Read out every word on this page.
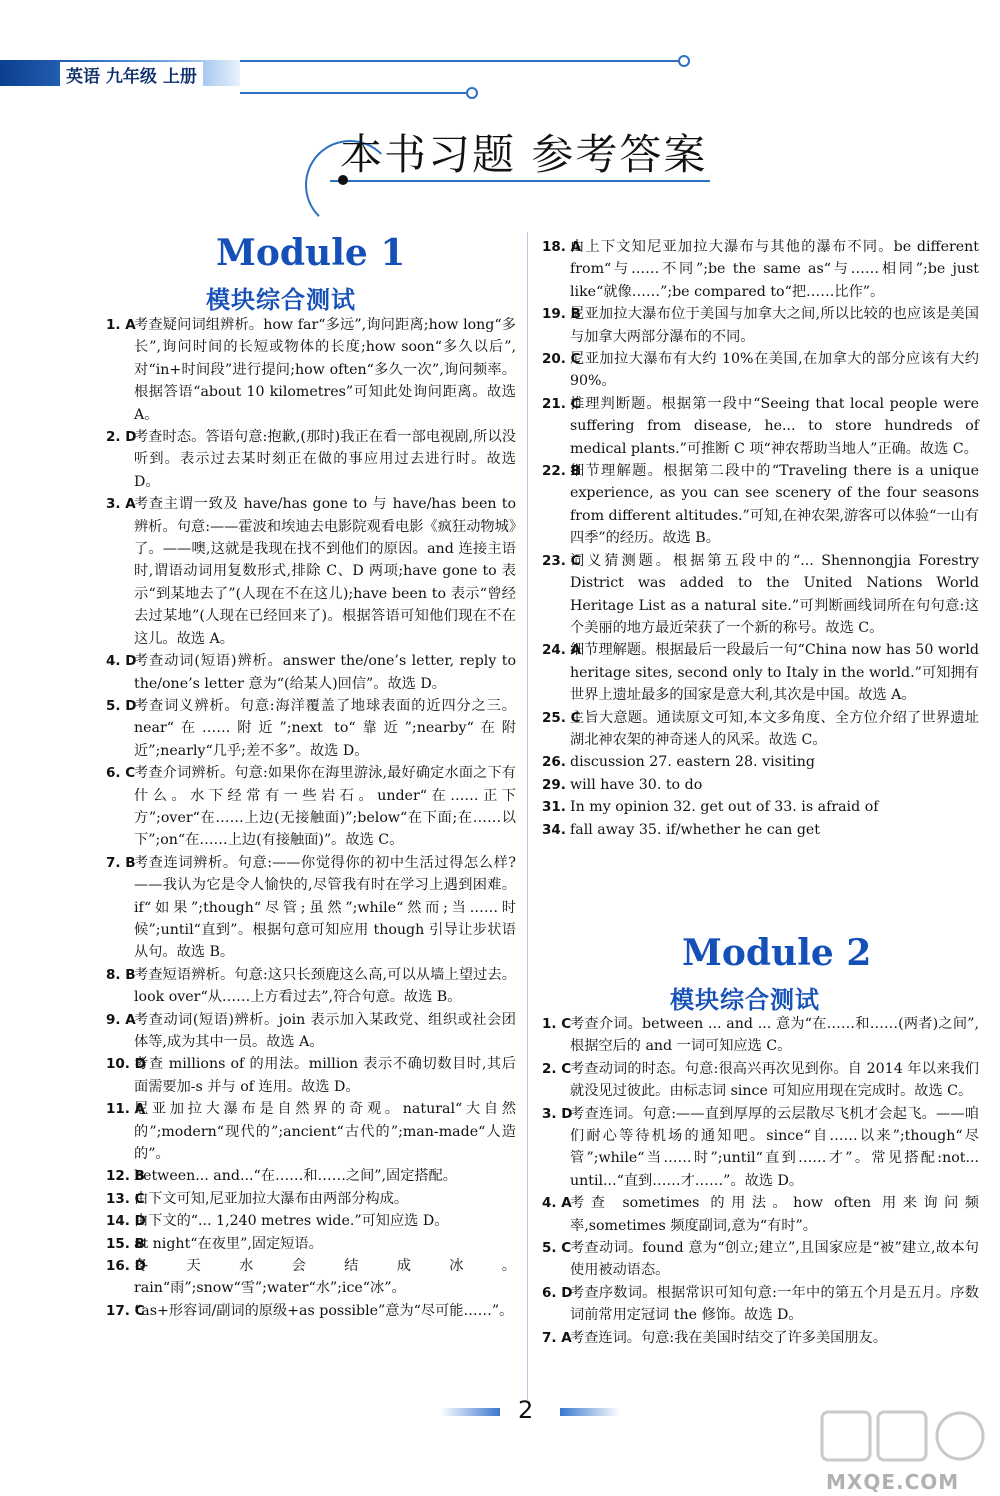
英语 九年级 上册
本书习题 参考答案
Module 1
模块综合测试

1. A
考查疑问词组辨析。how far“多远”,询问距离;how long“多长”,询问时间的长短或物体的长度;how soon“多久以后”,对“in+时间段”进行提问;how often“多久一次”,询问频率。根据答语“about 10 kilometres”可知此处询问距离。故选 A。

2. D
考查时态。答语句意:抱歉,(那时)我正在看一部电视剧,所以没听到。表示过去某时刻正在做的事应用过去进行时。故选 D。

3. A
考查主谓一致及 have/has gone to 与 have/has been to 辨析。句意:——霍波和埃迪去电影院观看电影《疯狂动物城》了。——噢,这就是我现在找不到他们的原因。and 连接主语时,谓语动词用复数形式,排除 C、D 两项;have gone to 表示“到某地去了”(人现在不在这儿);have been to 表示“曾经去过某地”(人现在已经回来了)。根据答语可知他们现在不在这儿。故选 A。

4. D
考查动词(短语)辨析。answer the/one’s letter, reply to the/one’s letter 意为“(给某人)回信”。故选 D。

5. D
考查词义辨析。句意:海洋覆盖了地球表面的近四分之三。near“在……附近”;next to“靠近”;nearby“在附近”;nearly“几乎;差不多”。故选 D。

6. C
考查介词辨析。句意:如果你在海里游泳,最好确定水面之下有什么。水下经常有一些岩石。under“在……正下方”;over“在……上边(无接触面)”;below“在下面;在……以下”;on“在……上边(有接触面)”。故选 C。

7. B
考查连词辨析。句意:——你觉得你的初中生活过得怎么样?——我认为它是令人愉快的,尽管我有时在学习上遇到困难。if“如果”;though“尽管;虽然”;while“然而;当……时候”;until“直到”。根据句意可知应用 though 引导让步状语从句。故选 B。

8. B
考查短语辨析。句意:这只长颈鹿这么高,可以从墙上望过去。look over“从……上方看过去”,符合句意。故选 B。

9. A
考查动词(短语)辨析。join 表示加入某政党、组织或社会团体等,成为其中一员。故选 A。

10. D
考查 millions of 的用法。million 表示不确切数目时,其后面需要加-s 并与 of 连用。故选 D。

11. A
尼亚加拉大瀑布是自然界的奇观。natural“大自然的”;modern“现代的”;ancient“古代的”;man-made“人造的”。

12. B
between... and...“在……和……之间”,固定搭配。

13. C
由下文可知,尼亚加拉大瀑布由两部分构成。

14. D
由下文的“... 1,240 metres wide.”可知应选 D。

15. B
at night“在夜里”,固定短语。

16. D
冬天水会结成冰。rain“雨”;snow“雪”;water“水”;ice“冰”。

17. C
“as+形容词/副词的原级+as possible”意为“尽可能……”。

18. A
由上下文知尼亚加拉大瀑布与其他的瀑布不同。be different from“与……不同”;be the same as“与……相同”;be just like“就像……”;be compared to“把……比作”。

19. B
尼亚加拉大瀑布位于美国与加拿大之间,所以比较的也应该是美国与加拿大两部分瀑布的不同。

20. C
尼亚加拉大瀑布有大约 10%在美国,在加拿大的部分应该有大约 90%。

21. C
推理判断题。根据第一段中“Seeing that local people were suffering from disease, he... to store hundreds of medical plants.”可推断 C 项“神农帮助当地人”正确。故选 C。

22. B
细节理解题。根据第二段中的“Traveling there is a unique experience, as you can see scenery of the four seasons from different altitudes.”可知,在神农架,游客可以体验“一山有四季”的经历。故选 B。

23. C
词义猜测题。根据第五段中的“... Shennongjia Forestry District was added to the United Nations World Heritage List as a natural site.”可判断画线词所在句句意:这个美丽的地方最近荣获了一个新的称号。故选 C。

24. A
细节理解题。根据最后一段最后一句“China now has 50 world heritage sites, second only to Italy in the world.”可知拥有世界上遗址最多的国家是意大利,其次是中国。故选 A。

25. C
主旨大意题。通读原文可知,本文多角度、全方位介绍了世界遗址湖北神农架的神奇迷人的风采。故选 C。

26. discussion 27. eastern 28. visiting

29. will have 30. to do

31. In my opinion 32. get out of 33. is afraid of

34. fall away 35. if/whether he can get

Module 2
模块综合测试

1. C
考查介词。between ... and ... 意为“在……和……(两者)之间”,根据空后的 and 一词可知应选 C。

2. C
考查动词的时态。句意:很高兴再次见到你。自 2014 年以来我们就没见过彼此。由标志词 since 可知应用现在完成时。故选 C。

3. D
考查连词。句意:——直到厚厚的云层散尽飞机才会起飞。——咱们耐心等待机场的通知吧。since“自……以来”;though“尽管”;while“当……时”;until“直到……才”。常见搭配:not... until...“直到……才……”。故选 D。

4. A
考查 sometimes 的用法。how often 用来询问频率,sometimes 频度副词,意为“有时”。

5. C
考查动词。found 意为“创立;建立”,且国家应是“被”建立,故本句使用被动语态。

6. D
考查序数词。根据常识可知句意:一年中的第五个月是五月。序数词前常用定冠词 the 修饰。故选 D。

7. A
考查连词。句意:我在美国时结交了许多美国朋友。

2
MXQE.COM
